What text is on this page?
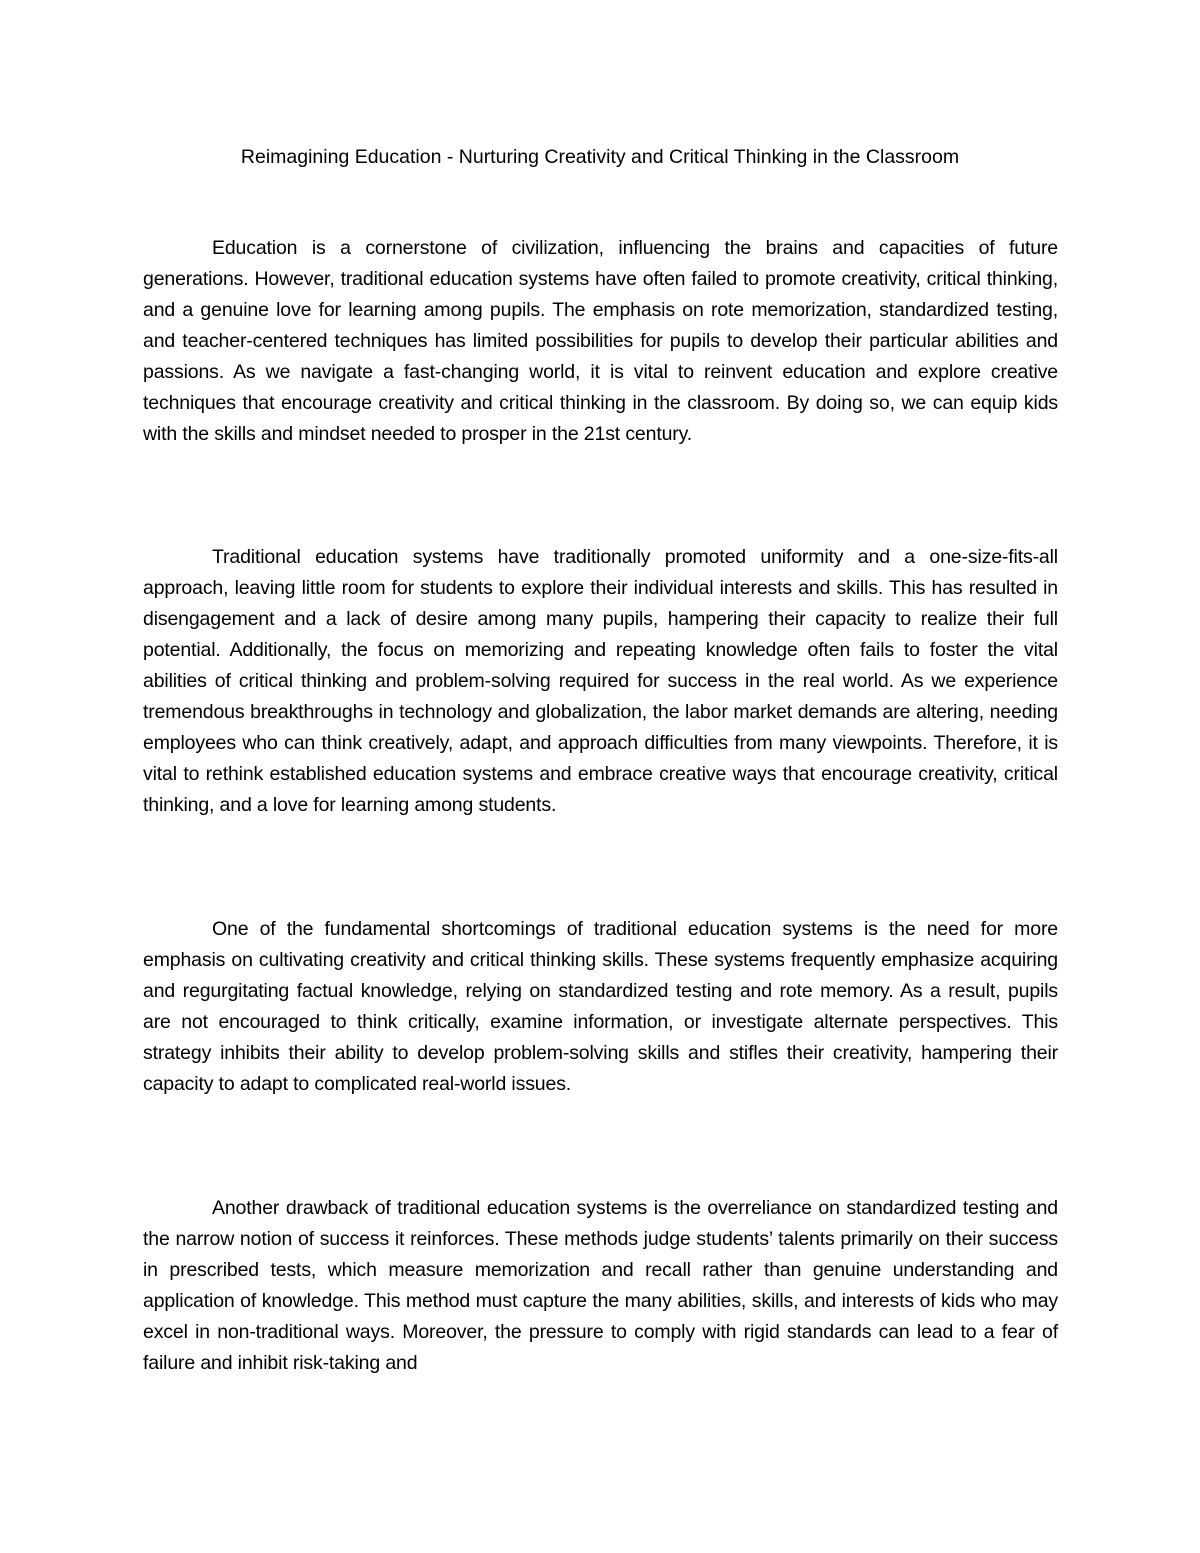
Reimagining Education - Nurturing Creativity and Critical Thinking in the Classroom

Education is a cornerstone of civilization, influencing the brains and capacities of future generations. However, traditional education systems have often failed to promote creativity, critical thinking, and a genuine love for learning among pupils. The emphasis on rote memorization, standardized testing, and teacher-centered techniques has limited possibilities for pupils to develop their particular abilities and passions. As we navigate a fast-changing world, it is vital to reinvent education and explore creative techniques that encourage creativity and critical thinking in the classroom. By doing so, we can equip kids with the skills and mindset needed to prosper in the 21st century.

Traditional education systems have traditionally promoted uniformity and a one-size-fits-all approach, leaving little room for students to explore their individual interests and skills. This has resulted in disengagement and a lack of desire among many pupils, hampering their capacity to realize their full potential. Additionally, the focus on memorizing and repeating knowledge often fails to foster the vital abilities of critical thinking and problem-solving required for success in the real world. As we experience tremendous breakthroughs in technology and globalization, the labor market demands are altering, needing employees who can think creatively, adapt, and approach difficulties from many viewpoints. Therefore, it is vital to rethink established education systems and embrace creative ways that encourage creativity, critical thinking, and a love for learning among students.

One of the fundamental shortcomings of traditional education systems is the need for more emphasis on cultivating creativity and critical thinking skills. These systems frequently emphasize acquiring and regurgitating factual knowledge, relying on standardized testing and rote memory. As a result, pupils are not encouraged to think critically, examine information, or investigate alternate perspectives. This strategy inhibits their ability to develop problem-solving skills and stifles their creativity, hampering their capacity to adapt to complicated real-world issues.

Another drawback of traditional education systems is the overreliance on standardized testing and the narrow notion of success it reinforces. These methods judge students’ talents primarily on their success in prescribed tests, which measure memorization and recall rather than genuine understanding and application of knowledge. This method must capture the many abilities, skills, and interests of kids who may excel in non-traditional ways. Moreover, the pressure to comply with rigid standards can lead to a fear of failure and inhibit risk-taking and
